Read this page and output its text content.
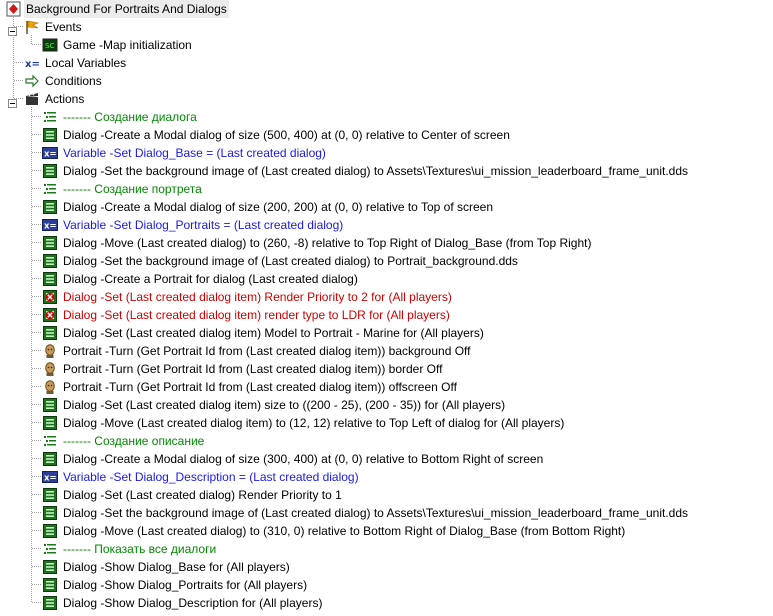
Background For Portraits And Dialogs
Events
SC Game -Map initialization
x= Local Variables
Conditions
Actions
------- Создание диалога
Dialog -Create a Modal dialog of size (500, 400) at (0, 0) relative to Center of screen
x= Variable -Set Dialog_Base = (Last created dialog)
Dialog -Set the background image of (Last created dialog) to Assets\Textures\ui_mission_leaderboard_frame_unit.dds
------- Создание портрета
Dialog -Create a Modal dialog of size (200, 200) at (0, 0) relative to Top of screen
x= Variable -Set Dialog_Portraits = (Last created dialog)
Dialog -Move (Last created dialog) to (260, -8) relative to Top Right of Dialog_Base (from Top Right)
Dialog -Set the background image of (Last created dialog) to Portrait_background.dds
Dialog -Create a Portrait for dialog (Last created dialog)
Dialog -Set (Last created dialog item) Render Priority to 2 for (All players)
Dialog -Set (Last created dialog item) render type to LDR for (All players)
Dialog -Set (Last created dialog item) Model to Portrait - Marine for (All players)
Portrait -Turn (Get Portrait Id from (Last created dialog item)) background Off
Portrait -Turn (Get Portrait Id from (Last created dialog item)) border Off
Portrait -Turn (Get Portrait Id from (Last created dialog item)) offscreen Off
Dialog -Set (Last created dialog item) size to ((200 - 25), (200 - 35)) for (All players)
Dialog -Move (Last created dialog item) to (12, 12) relative to Top Left of dialog for (All players)
------- Создание описание
Dialog -Create a Modal dialog of size (300, 400) at (0, 0) relative to Bottom Right of screen
x= Variable -Set Dialog_Description = (Last created dialog)
Dialog -Set (Last created dialog) Render Priority to 1
Dialog -Set the background image of (Last created dialog) to Assets\Textures\ui_mission_leaderboard_frame_unit.dds
Dialog -Move (Last created dialog) to (310, 0) relative to Bottom Right of Dialog_Base (from Bottom Right)
------- Показать все диалоги
Dialog -Show Dialog_Base for (All players)
Dialog -Show Dialog_Portraits for (All players)
Dialog -Show Dialog_Description for (All players)
